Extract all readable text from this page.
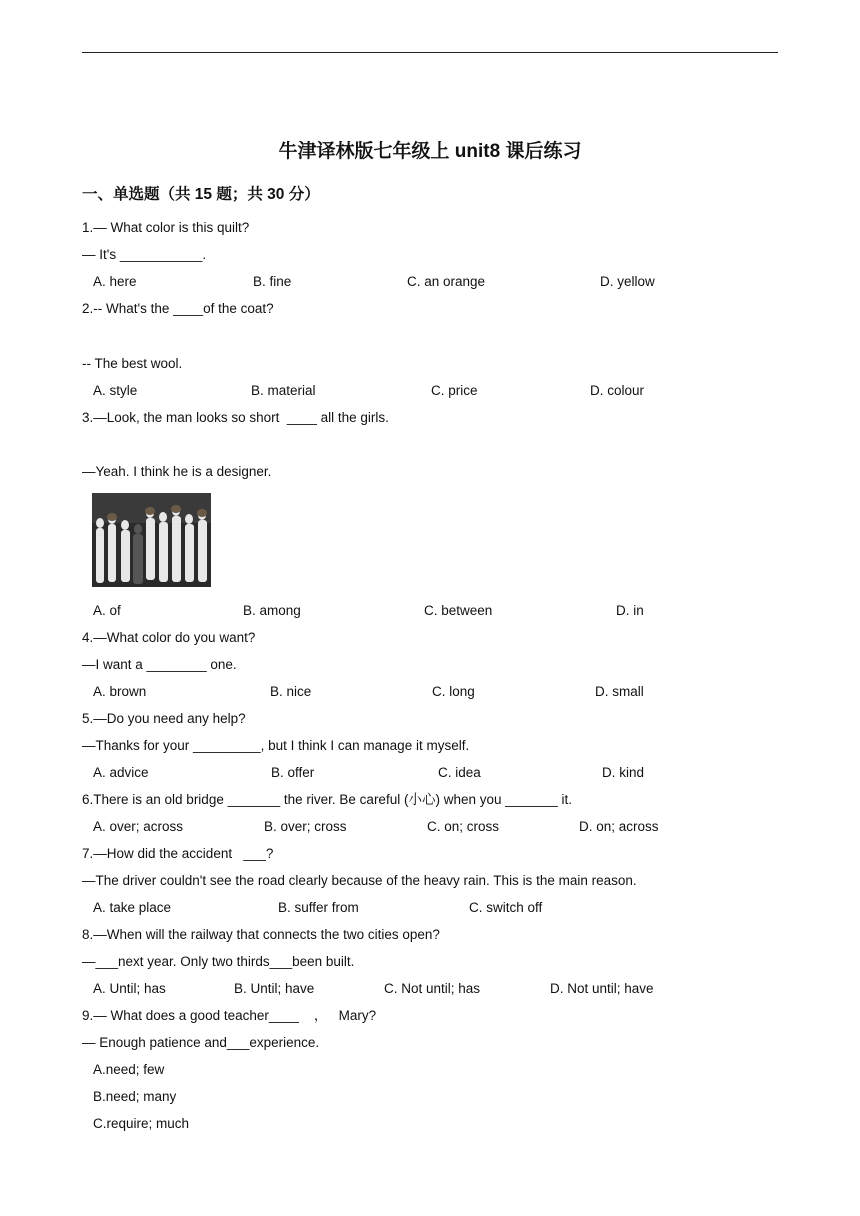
牛津译林版七年级上 unit8 课后练习
一、单选题（共 15 题；共 30 分）
1.— What color is this quilt?
— It's ___________.
A. here	B. fine	C. an orange	D. yellow
2.-- What's the ____of the coat?
-- The best wool.
A. style	B. material	C. price	D. colour
3.—Look, the man looks so short  ____ all the girls.
—Yeah. I think he is a designer.
A. of	B. among	C. between	D. in
4.—What color do you want?
—I want a ________ one.
A. brown	B. nice	C. long	D. small
5.—Do you need any help?
—Thanks for your _________, but I think I can manage it myself.
A. advice	B. offer	C. idea	D. kind
6.There is an old bridge _______ the river. Be careful (小心) when you _______ it.
A. over; across	B. over; cross	C. on; cross	D. on; across
7.—How did the accident   ___?
—The driver couldn't see the road clearly because of the heavy rain. This is the main reason.
A. take place	B. suffer from	C. switch off
8.—When will the railway that connects the two cities open?
—___next year. Only two thirds___been built.
A. Until; has	B. Until; have	C. Not until; has	D. Not until; have
9.— What does a good teacher____    ，   Mary?
— Enough patience and___experience.
A.need; few
B.need; many
C.require; much
